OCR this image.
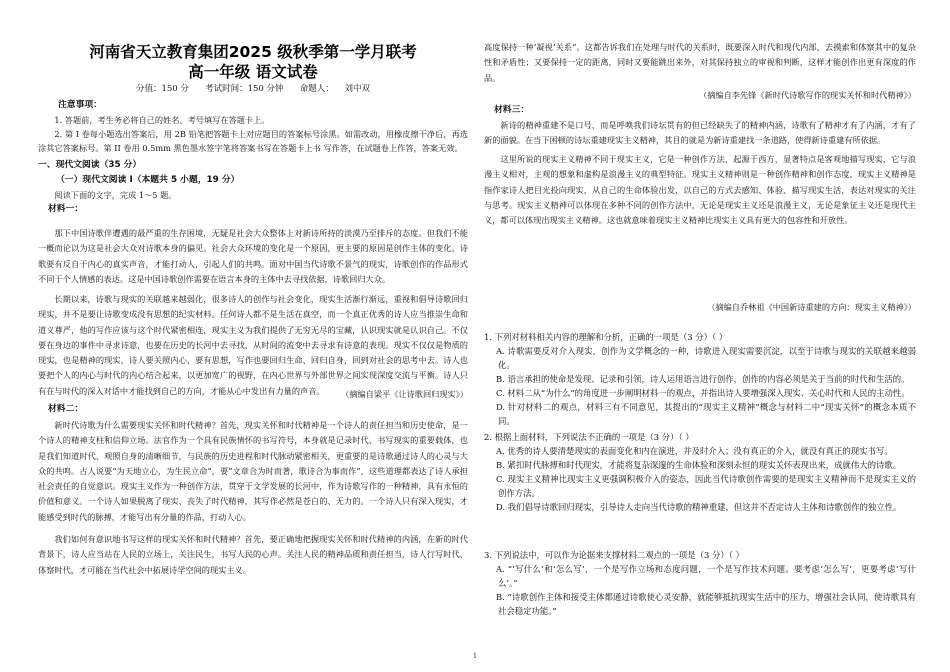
河南省天立教育集团2025 级秋季第一学月联考
高一年级 语文试卷
分值：150 分      考试时间：150 分钟      命题人：    刘中双

注意事项：

1. 答题前，考生务必将自己的姓名、考号填写在答题卡上。

2. 第 I 卷每小题选出答案后，用 2B 铅笔把答题卡上对应题目的答案标号涂黑。如需改动，用橡皮擦干净后，再选涂其它答案标号。第 II 卷用 0.5mm 黑色墨水签字笔将答案书写在答题卡上书 写作答，在试题卷上作答，答案无效。

一、现代文阅读（35 分）

（一）现代文阅读 I（本题共 5 小题，19 分）

阅读下面的文字，完成 1～5 题。

材料一：

那下中国诗歌伴遭遇的最严重的生存困境，无疑是社会大众整体上对新诗所持的淡漠乃至排斥的态度。但我们不能一概而论以为这是社会大众对诗歌本身的偏见。社会大众环境的变化是一个原因，更主要的原因是创作主体的变化。诗歌要有反自于内心的真实声音，才能打动人，引起人们的共鸣。面对中国当代诗歌不景气的现实，诗歌创作的作品形式不同于个人情感的表达。这是中国诗歌创作需要在语言本身的主体中去寻找依据，诗歌回归大众。

长期以来，诗歌与现实的关联越来越弱化，很多诗人的创作与社会变化，现实生活渐行渐远，重视和倡导诗歌回归现实，并不是要让诗歌变成没有思想的纪实材料。任何诗人都不是生活在真空，而一个真正优秀的诗人应当推崇生命和道义尊严，他的写作应该与这个时代紧密相连，现实主义为我们提供了无穷无尽的宝藏，认识现实就是认识自己。不仅要在身边的事件中寻求诗意，也要在历史的长河中去寻找，从时间的流变中去寻求有诗意的表现。现实不仅仅是物质的现实，也是精神的现实，诗人要关照内心，要有思想，写作也要回归生命、回归自身，回到对社会的思考中去。诗人也要把个人的内心与时代的内心结合起来，以更加宽广的视野，在内心世界与外部世界之间实现深度交流与平衡。诗人只有在与时代的深入对话中才能找到自己的方向，才能从心中发出有力量的声音。	（摘编自梁平《让诗歌回归现实》）

材料二：

新时代诗歌为什么需要现实关怀和时代精神？首先，现实关怀和时代精神是一个诗人的责任担当和历史使命，是一个诗人的精神支柱和信仰立场。法官作为一个具有民族情怀的书写符号，本身就是记录时代、书写现实的重要载体，也是我们知道时代、观照自身的清晰细节，与民族的历史进程和时代脉动紧密相关，更重要的是诗歌通过诗人的心灵与大众的共鸣。古人说要“为天地立心，为生民立命”，要“文章合为时而著，歌诗合为事而作”，这些道理都表达了诗人承担社会责任的自觉意识。现实主义作为一种创作方法，贯穿于文学发展的长河中，作为诗歌写作的一种精神，具有永恒的价值和意义。一个诗人如果脱离了现实、丧失了时代精神，其写作必然是苍白的、无力的。一个诗人只有深入现实，才能感受到时代的脉搏，才能写出有分量的作品，打动人心。

我们如何有意识地书写这样的现实关怀和时代精神？首先，要正确地把握现实关怀和时代精神的内涵，在新的时代背景下，诗人应当站在人民的立场上，关注民生，书写人民的心声。关注人民的精神品质和责任担当，诗人行写时代、体察时代，才可能在当代社会中拓展诗学空间的现实主义。

高度保持一种‘凝视’关系”。这都告诉我们在处理与时代的关系时，既要深入时代和现代内部，去摸索和体察其中的复杂性和矛盾性；又要保持一定的距离，同时又要能跳出来外，对其保持独立的审视和判断，这样才能创作出更有深度的作品。

（摘编自李先锋《新时代诗歌写作的现实关怀和时代精神》）

材料三：

新诗的精神重建不是口号，而是呼唤我们诗坛贯有的但已经缺失了的精神内涵，诗歌有了精神才有了内涵，才有了新的面貌。在当下困顿的诗坛重建现实主义精神，其目的就是为新诗重建找一条道路，使得新诗重建有所依据。

这里所说的现实主义精神不同于现实主义，它是一种创作方法，起源于西方，显著特点是客观地描写现实，它与浪漫主义相对，主观的想象和虚构是浪漫主义的典型特征。现实主义精神则是一种创作精神和创作态度，现实主义精神是指作家诗人把目光投向现实，从自己的生命体验出发，以自己的方式去感知、体验、描写现实生活，表达对现实的关注与思考。现实主义精神可以体现在多种不同的创作方法中，无论是现实主义还是浪漫主义，无论是象征主义还是现代主义，都可以体现出现实主义精神。这也就意味着现实主义精神比现实主义具有更大的包容性和开放性。

（摘编自乔林祖《中国新诗重建的方向：现实主义精神》）

1. 下列对材料相关内容的理解和分析，正确的一项是（3 分）（ ）

A. 诗歌需要反对介入现实，创作为文学概念的一种，诗歌进入现实需要沉淀，以至于诗歌与现实的关联越来越弱化。

B. 语言承担的使命是发现、记录和引领，诗人运用语言进行创作，创作的内容必须是关于当前的时代和生活的。

C. 材料二从“为什么”的角度进一步阐明材料一的观点，并指出诗人要增强深入现实、关心时代和人民的主动性。

D. 针对材料二的观点，材料三有不同意见，其提出的“现实主义精神”概念与材料二中“现实关怀”的概念本质不同。

2. 根据上面材料，下列说法不正确的一项是（3 分）（ ）

A. 优秀的诗人要清楚现实的表面变化和内在演进，并及时介入；没有真正的介入，就没有真正的现实书写。

B. 紧扣时代脉搏和时代现实，才能将复杂深邃的生命体验和深刻永恒的现实关怀表现出来，成就伟大的诗歌。

C. 现实主义精神比现实主义更强调积极介入的姿态，因此当代诗歌创作需要的是现实主义精神而不是现实主义的创作方法。

D. 我们倡导诗歌回归现实，引导诗人走向当代诗歌的精神重建，但这并不否定诗人主体和诗歌创作的独立性。

3. 下列说法中，可以作为论据来支撑材料二观点的一项是（3 分）（ ）

A. “‘写什么’和‘怎么写’，一个是写作立场和态度问题，一个是写作技术问题。要考虑‘怎么写’，更要考虑‘写什么’。”

B. “诗歌创作主体和接受主体都通过诗歌使心灵安静，就能够抵抗现实生活中的压力，增强社会认同，使诗歌具有社会稳定功能。”

1
